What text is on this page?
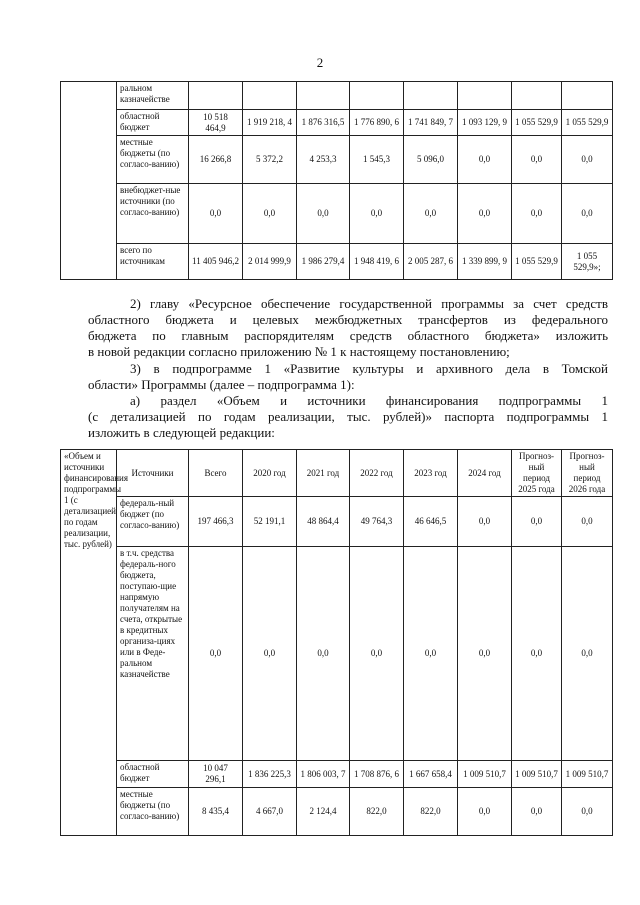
2
	ральном казначействе								
	областной бюджет	10 518 464,9	1 919 218, 4	1 876 316,5	1 776 890, 6	1 741 849, 7	1 093 129, 9	1 055 529,9	1 055 529,9
	местные бюджеты (по согласо-ванию)	16 266,8	5 372,2	4 253,3	1 545,3	5 096,0	0,0	0,0	0,0
	внебюджет-ные источники (по согласо-ванию)	0,0	0,0	0,0	0,0	0,0	0,0	0,0	0,0
	всего по источникам	11 405 946,2	2 014 999,9	1 986 279,4	1 948 419, 6	2 005 287, 6	1 339 899, 9	1 055 529,9	1 055 529,9»;
2) главу «Ресурсное обеспечение государственной программы за счет средств
областного бюджета и целевых межбюджетных трансфертов из федерального
бюджета по главным распорядителям средств областного бюджета» изложить
в новой редакции согласно приложению № 1 к настоящему постановлению;
3) в подпрограмме 1 «Развитие культуры и архивного дела в Томской
области» Программы (далее – подпрограмма 1):
а) раздел «Объем и источники финансирования подпрограммы 1
(с детализацией по годам реализации, тыс. рублей)» паспорта подпрограммы 1
изложить в следующей редакции:
«Объем и источники финансирования подпрограммы 1 (с детализацией по годам реализации, тыс. рублей)	Источники	Всего	2020 год	2021 год	2022 год	2023 год	2024 год	Прогноз-ный период 2025 года	Прогноз-ный период 2026 года
	федераль-ный бюджет (по согласо-ванию)	197 466,3	52 191,1	48 864,4	49 764,3	46 646,5	0,0	0,0	0,0
	в т.ч. средства федераль-ного бюджета, поступаю-щие напрямую получателям на счета, открытые в кредитных организа-циях или в Феде-ральном казначействе	0,0	0,0	0,0	0,0	0,0	0,0	0,0	0,0
	областной бюджет	10 047 296,1	1 836 225,3	1 806 003, 7	1 708 876, 6	1 667 658,4	1 009 510,7	1 009 510,7	1 009 510,7
	местные бюджеты (по согласо-ванию)	8 435,4	4 667,0	2 124,4	822,0	822,0	0,0	0,0	0,0
